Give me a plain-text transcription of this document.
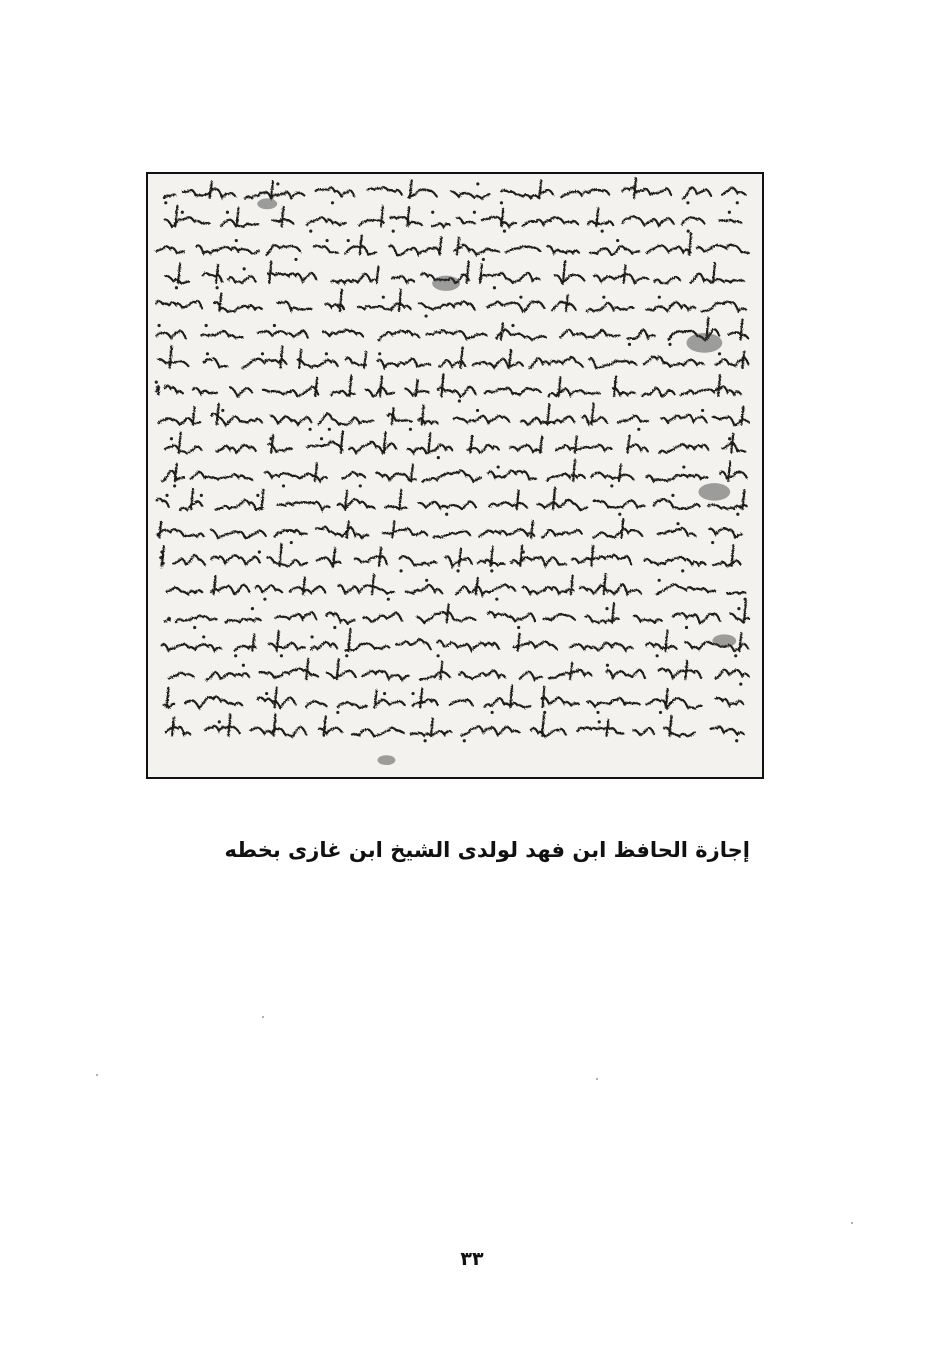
إجازة الحافظ ابن فهد لولدى الشيخ ابن غازى بخطه
٣٣
